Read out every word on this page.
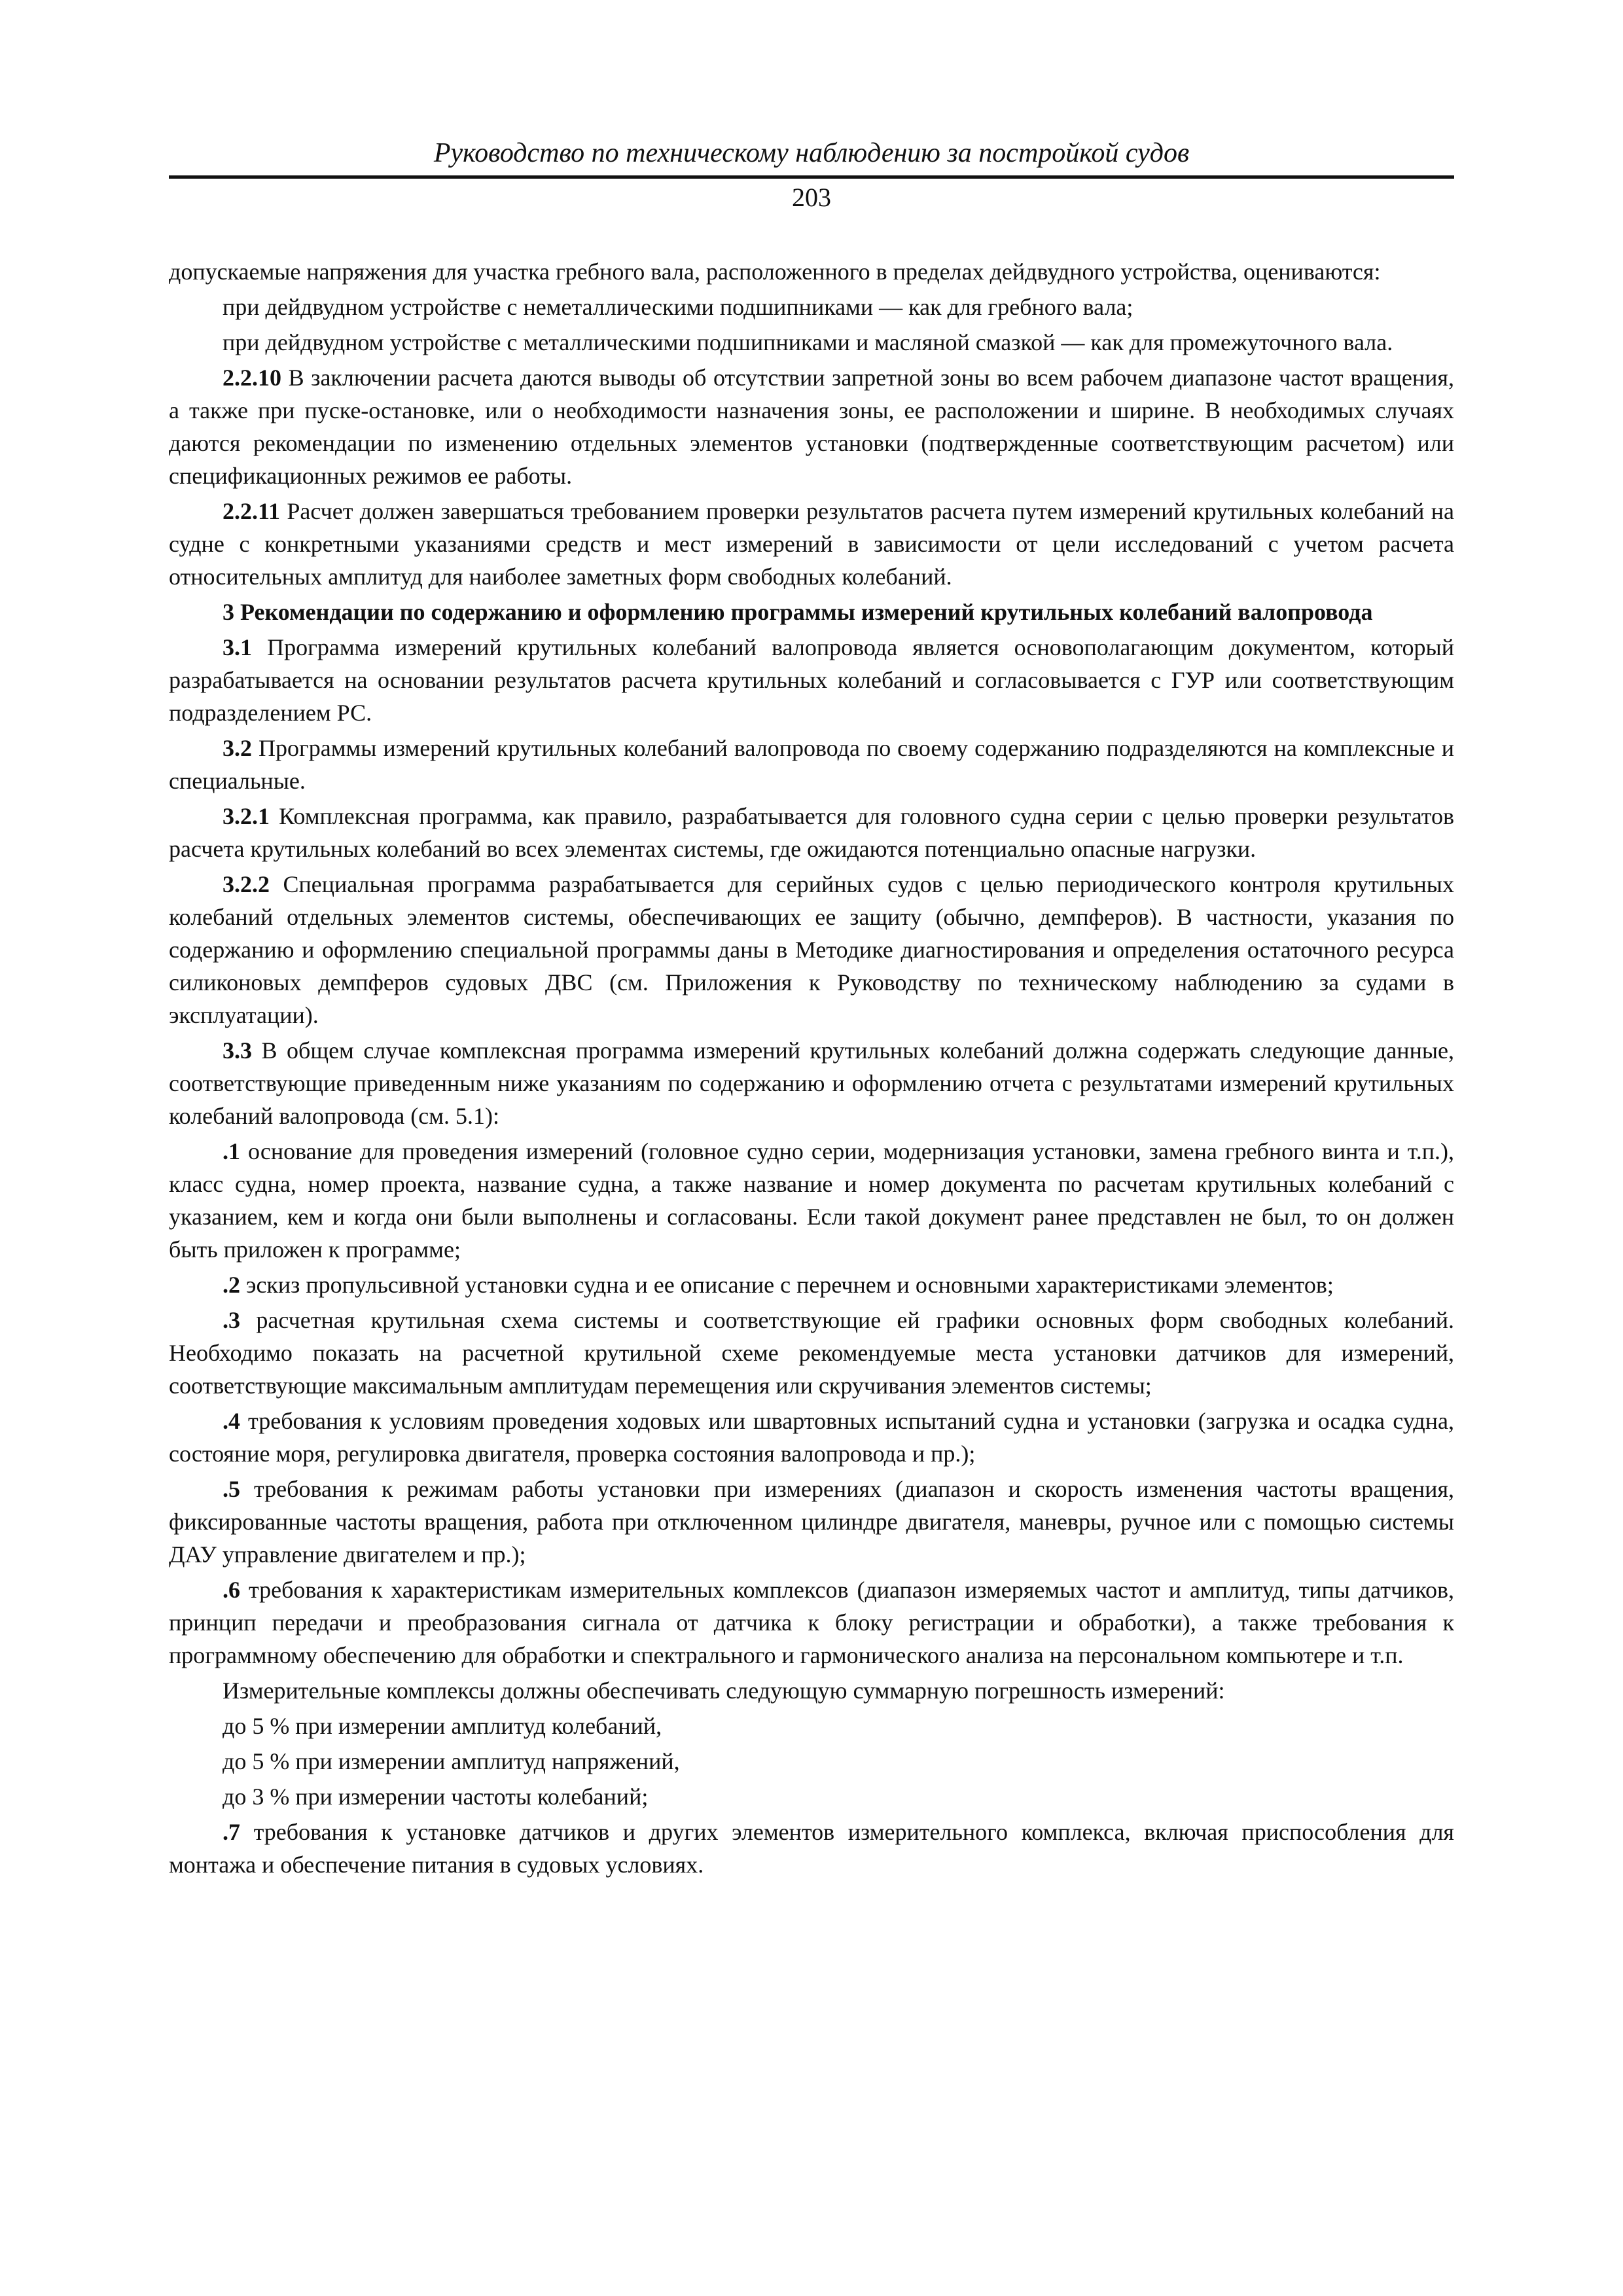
Руководство по техническому наблюдению за постройкой судов
203

допускаемые напряжения для участка гребного вала, расположенного в пределах дейдвудного устройства, оцениваются:

при дейдвудном устройстве с неметаллическими подшипниками — как для гребного вала;

при дейдвудном устройстве с металлическими подшипниками и масляной смазкой — как для промежуточного вала.

2.2.10 В заключении расчета даются выводы об отсутствии запретной зоны во всем рабочем диапазоне частот вращения, а также при пуске-остановке, или о необходимости назначения зоны, ее расположении и ширине. В необходимых случаях даются рекомендации по изменению отдельных элементов установки (подтвержденные соответствующим расчетом) или спецификационных режимов ее работы.

2.2.11 Расчет должен завершаться требованием проверки результатов расчета путем измерений крутильных колебаний на судне с конкретными указаниями средств и мест измерений в зависимости от цели исследований с учетом расчета относительных амплитуд для наиболее заметных форм свободных колебаний.

3 Рекомендации по содержанию и оформлению программы измерений крутильных колебаний валопровода

3.1 Программа измерений крутильных колебаний валопровода является основополагающим документом, который разрабатывается на основании результатов расчета крутильных колебаний и согласовывается с ГУР или соответствующим подразделением РС.

3.2 Программы измерений крутильных колебаний валопровода по своему содержанию подразделяются на комплексные и специальные.

3.2.1 Комплексная программа, как правило, разрабатывается для головного судна серии с целью проверки результатов расчета крутильных колебаний во всех элементах системы, где ожидаются потенциально опасные нагрузки.

3.2.2 Специальная программа разрабатывается для серийных судов с целью периодического контроля крутильных колебаний отдельных элементов системы, обеспечивающих ее защиту (обычно, демпферов). В частности, указания по содержанию и оформлению специальной программы даны в Методике диагностирования и определения остаточного ресурса силиконовых демпферов судовых ДВС (см. Приложения к Руководству по техническому наблюдению за судами в эксплуатации).

3.3 В общем случае комплексная программа измерений крутильных колебаний должна содержать следующие данные, соответствующие приведенным ниже указаниям по содержанию и оформлению отчета с результатами измерений крутильных колебаний валопровода (см. 5.1):

.1 основание для проведения измерений (головное судно серии, модернизация установки, замена гребного винта и т.п.), класс судна, номер проекта, название судна, а также название и номер документа по расчетам крутильных колебаний с указанием, кем и когда они были выполнены и согласованы. Если такой документ ранее представлен не был, то он должен быть приложен к программе;

.2 эскиз пропульсивной установки судна и ее описание с перечнем и основными характеристиками элементов;

.3 расчетная крутильная схема системы и соответствующие ей графики основных форм свободных колебаний. Необходимо показать на расчетной крутильной схеме рекомендуемые места установки датчиков для измерений, соответствующие максимальным амплитудам перемещения или скручивания элементов системы;

.4 требования к условиям проведения ходовых или швартовных испытаний судна и установки (загрузка и осадка судна, состояние моря, регулировка двигателя, проверка состояния валопровода и пр.);

.5 требования к режимам работы установки при измерениях (диапазон и скорость изменения частоты вращения, фиксированные частоты вращения, работа при отключенном цилиндре двигателя, маневры, ручное или с помощью системы ДАУ управление двигателем и пр.);

.6 требования к характеристикам измерительных комплексов (диапазон измеряемых частот и амплитуд, типы датчиков, принцип передачи и преобразования сигнала от датчика к блоку регистрации и обработки), а также требования к программному обеспечению для обработки и спектрального и гармонического анализа на персональном компьютере и т.п.

Измерительные комплексы должны обеспечивать следующую суммарную погрешность измерений:

до 5 % при измерении амплитуд колебаний,

до 5 % при измерении амплитуд напряжений,

до 3 % при измерении частоты колебаний;

.7 требования к установке датчиков и других элементов измерительного комплекса, включая приспособления для монтажа и обеспечение питания в судовых условиях.
